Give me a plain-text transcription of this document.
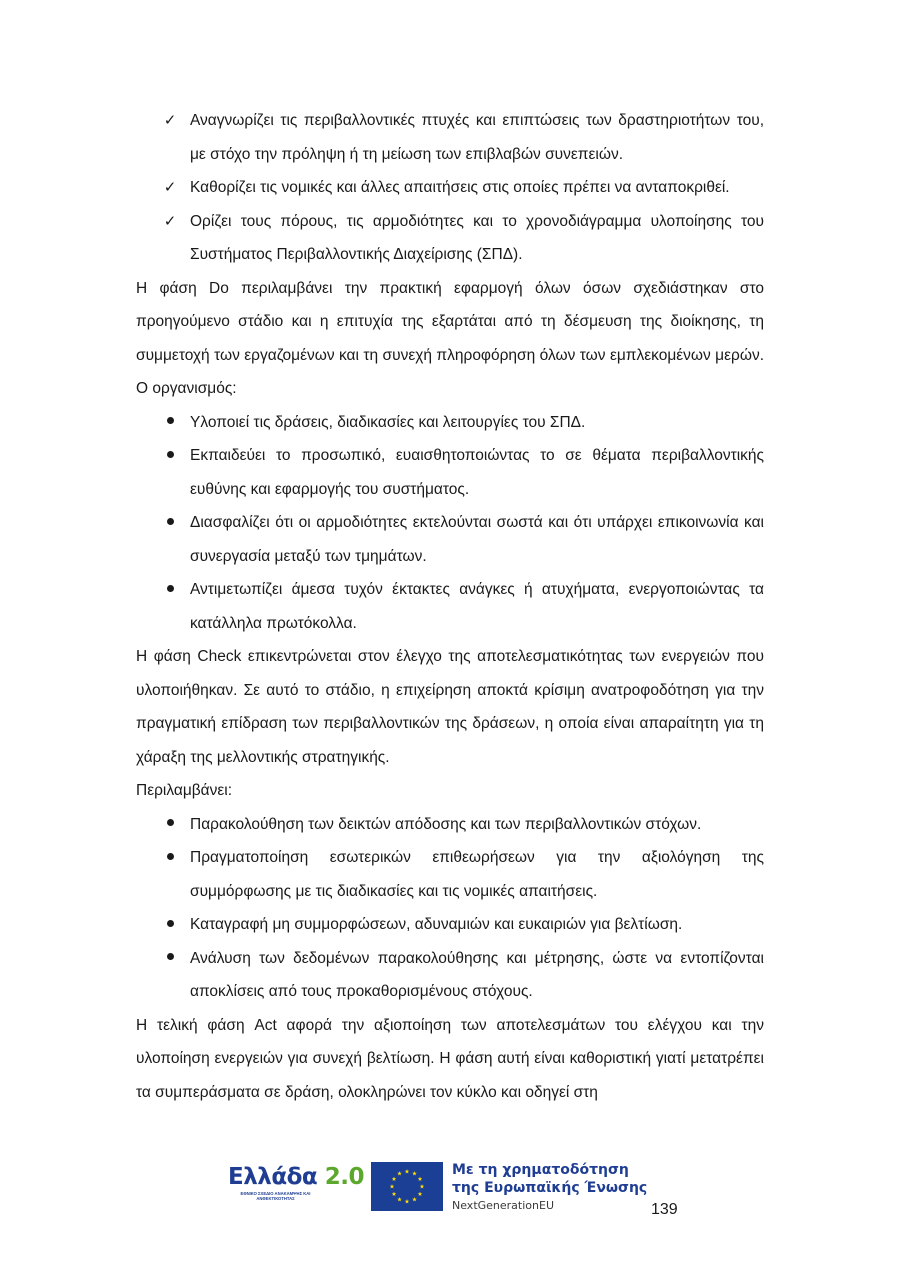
✓ Αναγνωρίζει τις περιβαλλοντικές πτυχές και επιπτώσεις των δραστηριοτήτων του, με στόχο την πρόληψη ή τη μείωση των επιβλαβών συνεπειών.
✓ Καθορίζει τις νομικές και άλλες απαιτήσεις στις οποίες πρέπει να ανταποκριθεί.
✓ Ορίζει τους πόρους, τις αρμοδιότητες και το χρονοδιάγραμμα υλοποίησης του Συστήματος Περιβαλλοντικής Διαχείρισης (ΣΠΔ).

Η φάση Do περιλαμβάνει την πρακτική εφαρμογή όλων όσων σχεδιάστηκαν στο προηγούμενο στάδιο και η επιτυχία της εξαρτάται από τη δέσμευση της διοίκησης, τη συμμετοχή των εργαζομένων και τη συνεχή πληροφόρηση όλων των εμπλεκομένων μερών. Ο οργανισμός:

Υλοποιεί τις δράσεις, διαδικασίες και λειτουργίες του ΣΠΔ.
Εκπαιδεύει το προσωπικό, ευαισθητοποιώντας το σε θέματα περιβαλλοντικής ευθύνης και εφαρμογής του συστήματος.
Διασφαλίζει ότι οι αρμοδιότητες εκτελούνται σωστά και ότι υπάρχει επικοινωνία και συνεργασία μεταξύ των τμημάτων.
Αντιμετωπίζει άμεσα τυχόν έκτακτες ανάγκες ή ατυχήματα, ενεργοποιώντας τα κατάλληλα πρωτόκολλα.

Η φάση Check επικεντρώνεται στον έλεγχο της αποτελεσματικότητας των ενεργειών που υλοποιήθηκαν. Σε αυτό το στάδιο, η επιχείρηση αποκτά κρίσιμη ανατροφοδότηση για την πραγματική επίδραση των περιβαλλοντικών της δράσεων, η οποία είναι απαραίτητη για τη χάραξη της μελλοντικής στρατηγικής.

Περιλαμβάνει:

Παρακολούθηση των δεικτών απόδοσης και των περιβαλλοντικών στόχων.
Πραγματοποίηση εσωτερικών επιθεωρήσεων για την αξιολόγηση της συμμόρφωσης με τις διαδικασίες και τις νομικές απαιτήσεις.
Καταγραφή μη συμμορφώσεων, αδυναμιών και ευκαιριών για βελτίωση.
Ανάλυση των δεδομένων παρακολούθησης και μέτρησης, ώστε να εντοπίζονται αποκλίσεις από τους προκαθορισμένους στόχους.

Η τελική φάση Act αφορά την αξιοποίηση των αποτελεσμάτων του ελέγχου και την υλοποίηση ενεργειών για συνεχή βελτίωση. Η φάση αυτή είναι καθοριστική γιατί μετατρέπει τα συμπεράσματα σε δράση, ολοκληρώνει τον κύκλο και οδηγεί στη

Ελλάδα 2.0
ΕΘΝΙΚΟ ΣΧΕΔΙΟ ΑΝΑΚΑΜΨΗΣ ΚΑΙ ΑΝΘΕΚΤΙΚΟΤΗΤΑΣ
Με τη χρηματοδότηση
της Ευρωπαϊκής Ένωσης
NextGenerationEU	139
